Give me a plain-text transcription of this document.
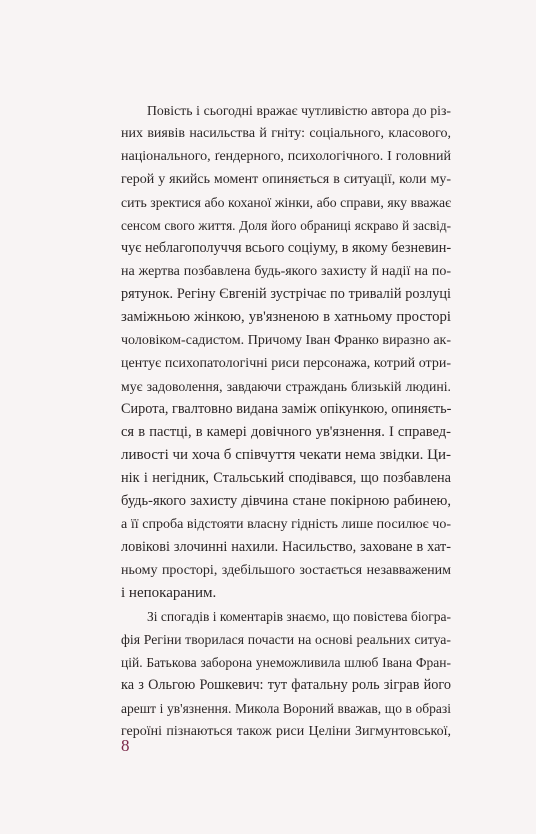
Повість і сьогодні вражає чутливістю автора до різ-
них виявів насильства й гніту: соціального, класового,
національного, ґендерного, психологічного. І головний
герой у якийсь момент опиняється в ситуації, коли му-
сить зректися або коханої жінки, або справи, яку вважає
сенсом свого життя. Доля його обраниці яскраво й засвід-
чує неблагополуччя всього соціуму, в якому безневин-
на жертва позбавлена будь-якого захисту й надії на по-
рятунок. Регіну Євгеній зустрічає по тривалій розлуці
заміжньою жінкою, ув'язненою в хатньому просторі
чоловіком-садистом. Причому Іван Франко виразно ак-
центує психопатологічні риси персонажа, котрий отри-
мує задоволення, завдаючи страждань близькій людині.
Сирота, гвалтовно видана заміж опікункою, опиняєть-
ся в пастці, в камері довічного ув'язнення. І справед-
ливості чи хоча б співчуття чекати нема звідки. Ци-
нік і негідник, Стальський сподівався, що позбавлена
будь-якого захисту дівчина стане покірною рабинею,
а її спроба відстояти власну гідність лише посилює чо-
ловікові злочинні нахили. Насильство, заховане в хат-
ньому просторі, здебільшого зостається незавваженим
і непокараним.
Зі спогадів і коментарів знаємо, що повістева біогра-
фія Регіни творилася почасти на основі реальних ситуа-
цій. Батькова заборона унеможливила шлюб Івана Фран-
ка з Ольгою Рошкевич: тут фатальну роль зіграв його
арешт і ув'язнення. Микола Вороний вважав, що в образі
героїні пізнаються також риси Целіни Зигмунтовської,
8
